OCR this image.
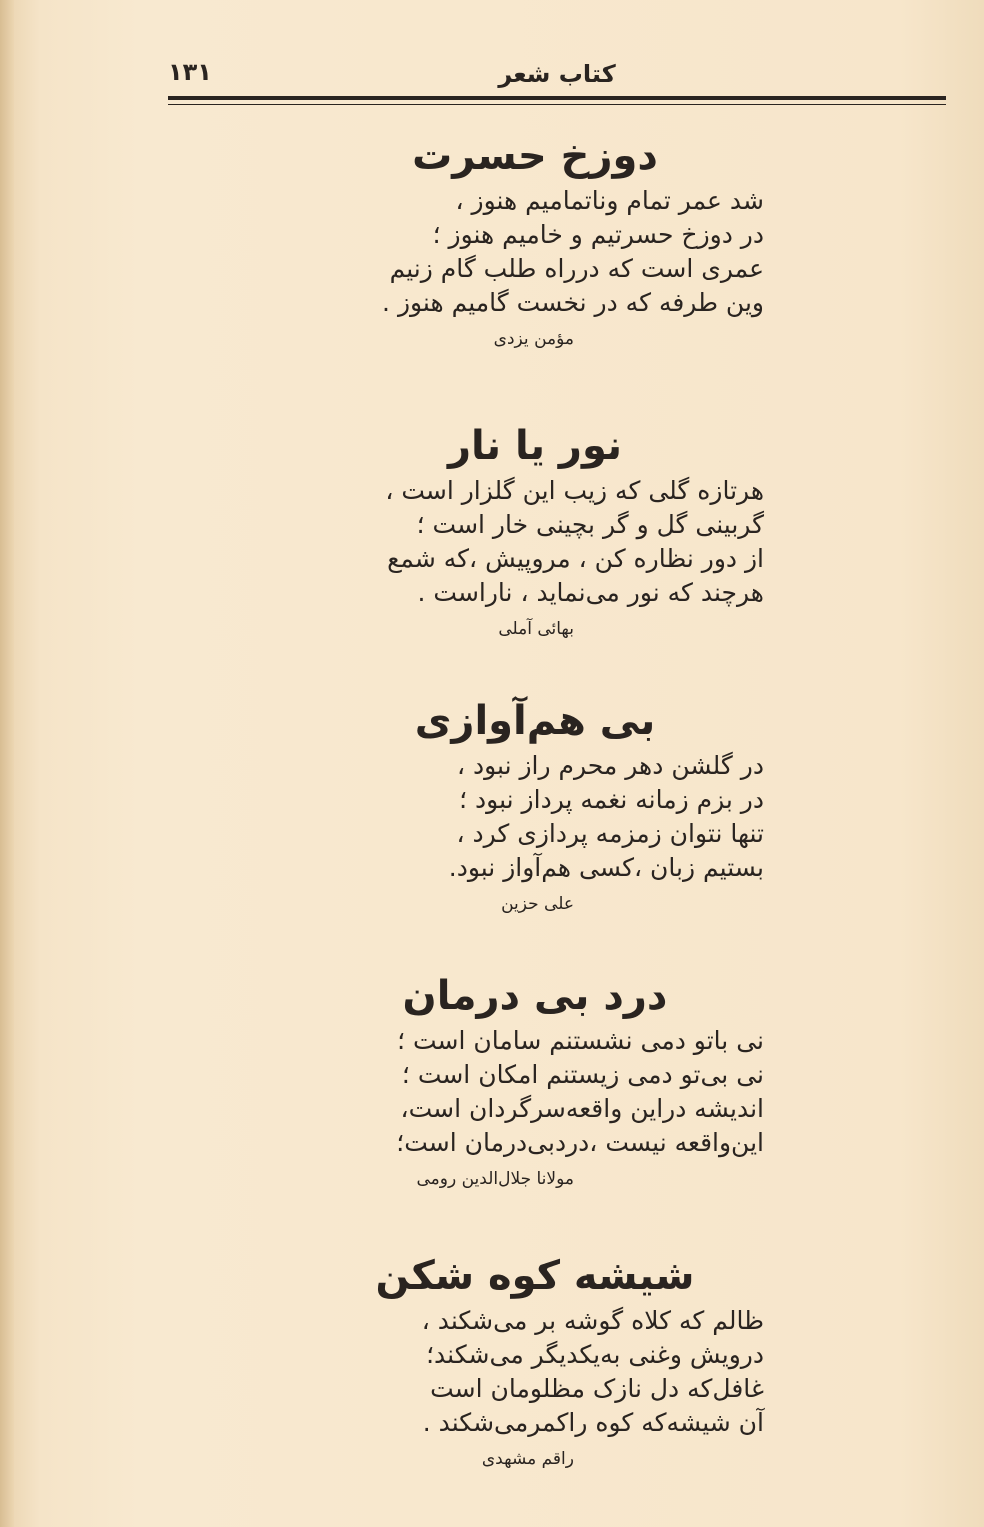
۱۳۱	کتاب شعر
دوزخ حسرت
شد عمر تمام وناتمامیم هنوز ،
در دوزخ حسرتیم و خامیم هنوز ؛
عمری است که درراه طلب گام زنیم
وین طرفه که در نخست گامیم هنوز .
مؤمن یزدی
نور یا نار
هرتازه گلی که زیب این گلزار است ،
گربینی گل و گر بچینی خار است ؛
از دور نظاره کن ، مروپیش ،که شمع
هرچند که نور می‌نماید ، ناراست .
بهائی آملی
بی هم‌آوازی
در گلشن دهر محرم راز نبود ،
در بزم زمانه نغمه پرداز نبود ؛
تنها نتوان زمزمه پردازی کرد ،
بستیم زبان ،کسی هم‌آواز نبود.
علی حزین
درد بی درمان
نی باتو دمی نشستنم سامان است ؛
نی بی‌تو دمی زیستنم امکان است ؛
اندیشه دراین واقعه‌سرگردان است،
این‌واقعه نیست ،دردبی‌درمان است؛
مولانا جلال‌الدین رومی
شیشه کوه شکن
ظالم که کلاه گوشه بر می‌شکند ،
درویش وغنی به‌یکدیگر می‌شکند؛
غافل‌که دل نازک مظلومان است
آن شیشه‌که کوه راکمرمی‌شکند .
راقم مشهدی
